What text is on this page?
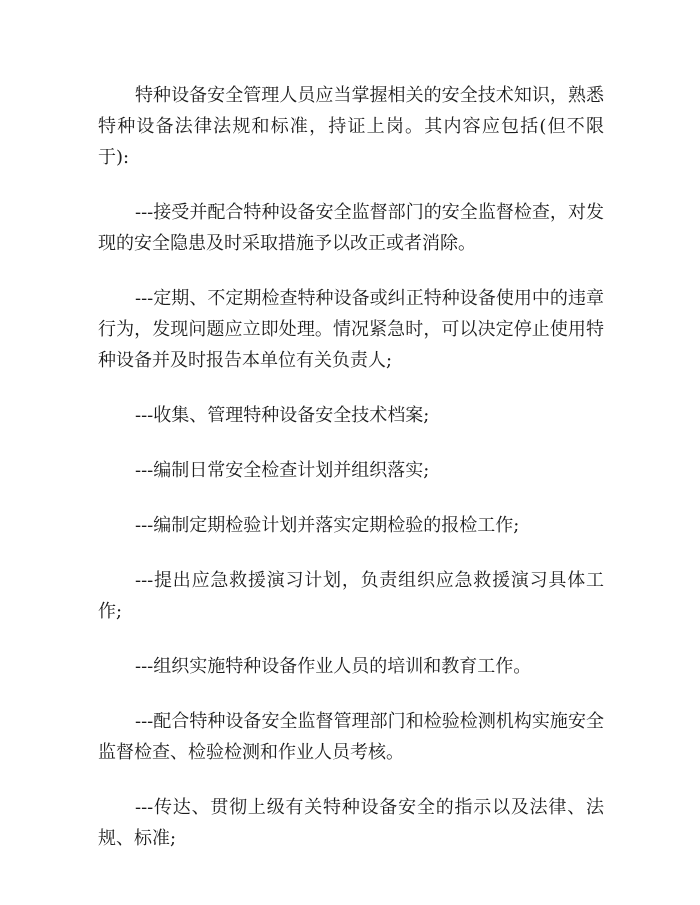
特种设备安全管理人员应当掌握相关的安全技术知识，熟悉特种设备法律法规和标准，持证上岗。其内容应包括(但不限于):

---接受并配合特种设备安全监督部门的安全监督检查，对发现的安全隐患及时采取措施予以改正或者消除。

---定期、不定期检查特种设备或纠正特种设备使用中的违章行为，发现问题应立即处理。情况紧急时，可以决定停止使用特种设备并及时报告本单位有关负责人;

---收集、管理特种设备安全技术档案;

---编制日常安全检查计划并组织落实;

---编制定期检验计划并落实定期检验的报检工作;

---提出应急救援演习计划，负责组织应急救援演习具体工作;

---组织实施特种设备作业人员的培训和教育工作。

---配合特种设备安全监督管理部门和检验检测机构实施安全监督检查、检验检测和作业人员考核。

---传达、贯彻上级有关特种设备安全的指示以及法律、法规、标准;
